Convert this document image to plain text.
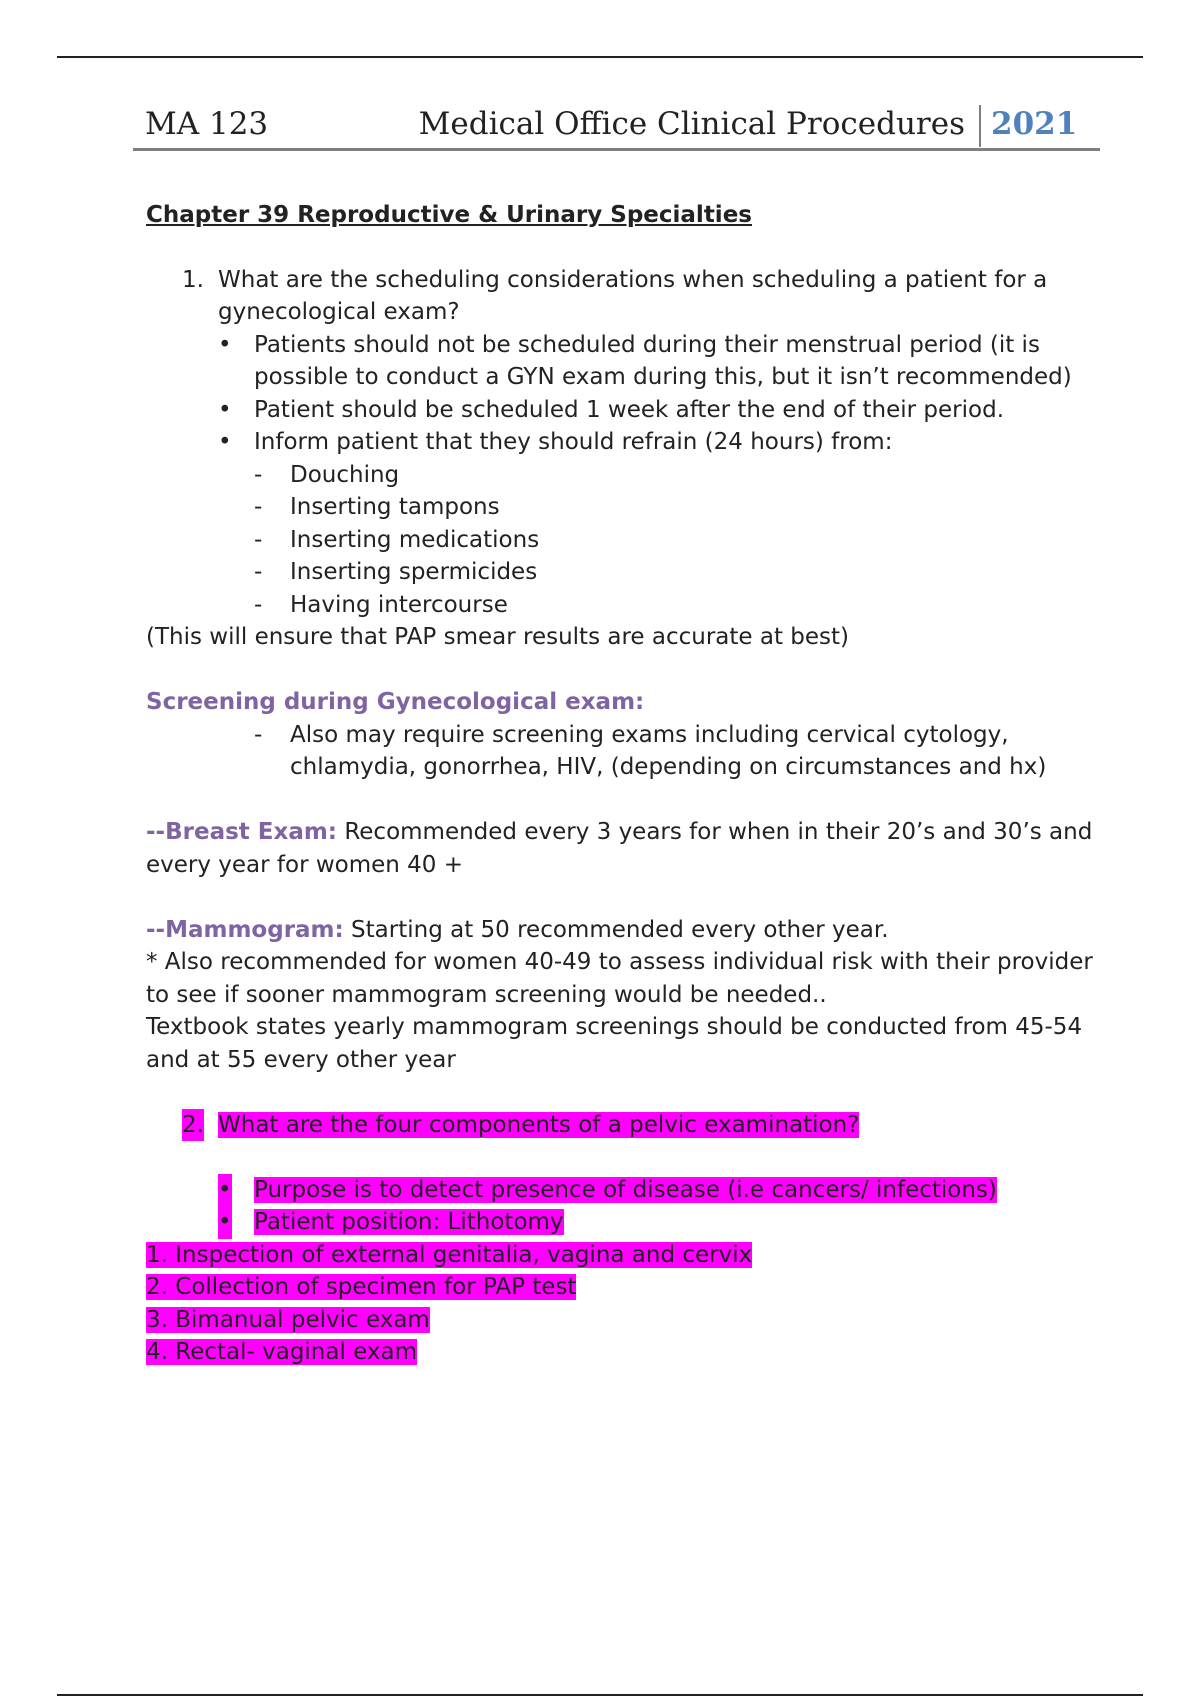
MA 123	Medical Office Clinical Procedures 2021

Chapter 39 Reproductive & Urinary Specialties

1. What are the scheduling considerations when scheduling a patient for a gynecological exam?
• Patients should not be scheduled during their menstrual period (it is possible to conduct a GYN exam during this, but it isn’t recommended)
• Patient should be scheduled 1 week after the end of their period.
• Inform patient that they should refrain (24 hours) from:
- Douching
- Inserting tampons
- Inserting medications
- Inserting spermicides
- Having intercourse

(This will ensure that PAP smear results are accurate at best)

Screening during Gynecological exam:

- Also may require screening exams including cervical cytology, chlamydia, gonorrhea, HIV, (depending on circumstances and hx)

--Breast Exam: Recommended every 3 years for when in their 20’s and 30’s and every year for women 40 +

--Mammogram: Starting at 50 recommended every other year.

* Also recommended for women 40-49 to assess individual risk with their provider to see if sooner mammogram screening would be needed..

Textbook states yearly mammogram screenings should be conducted from 45-54 and at 55 every other year

2. What are the four components of a pelvic examination?
• Purpose is to detect presence of disease (i.e cancers/ infections)
• Patient position: Lithotomy

1. Inspection of external genitalia, vagina and cervix

2. Collection of specimen for PAP test

3. Bimanual pelvic exam

4. Rectal- vaginal exam
